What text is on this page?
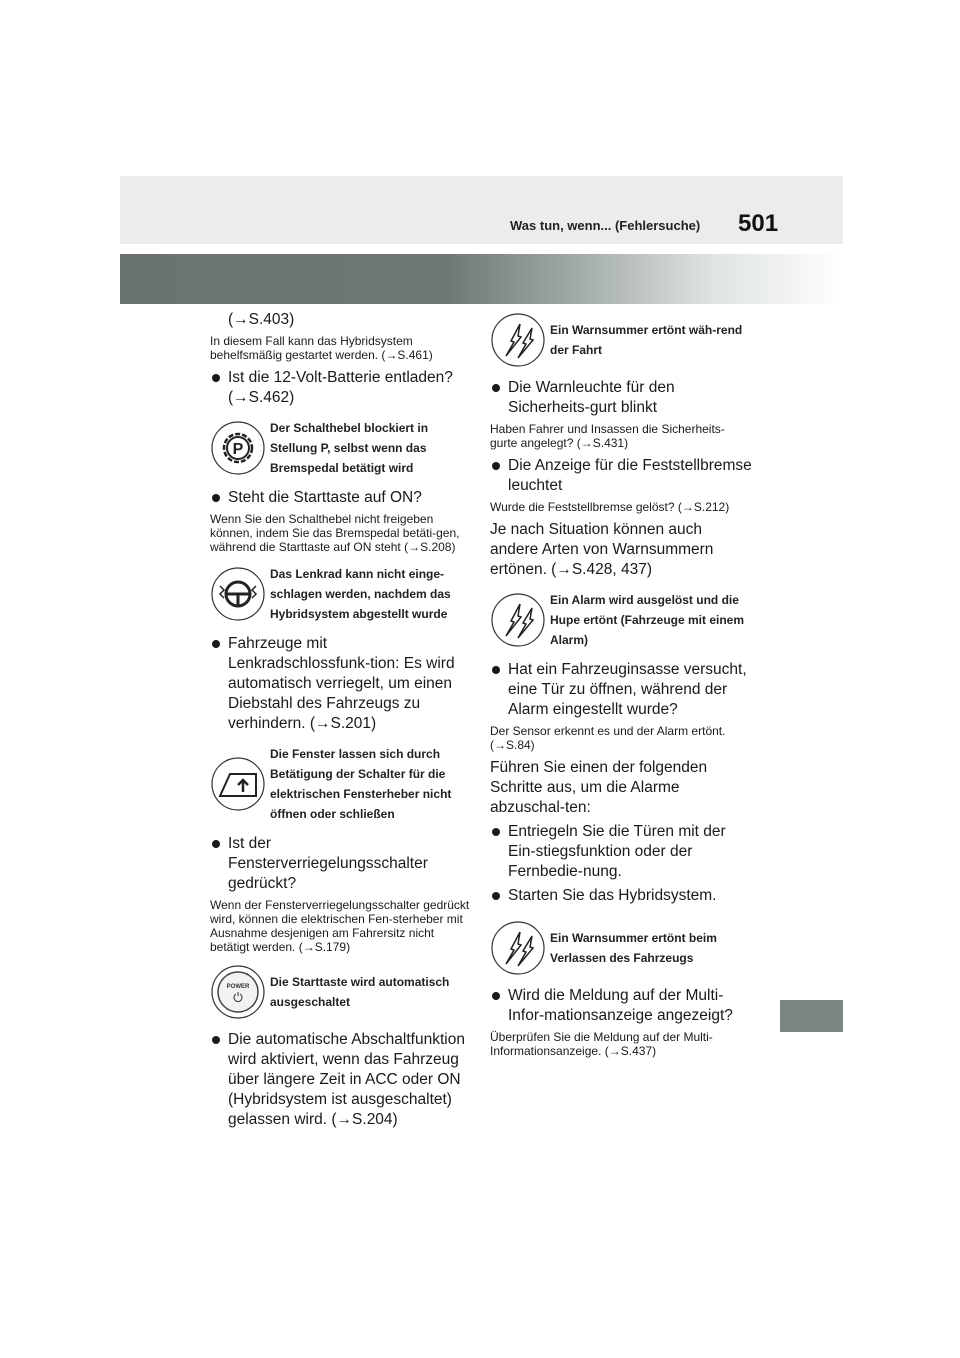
Was tun, wenn... (Fehlersuche) 501

(→S.403)

In diesem Fall kann das Hybridsystem behelfsmäßig gestartet werden. (→S.461)

Ist die 12-Volt-Batterie entladen?
(→S.462)
P
Der Schalthebel blockiert in Stellung P, selbst wenn das Bremspedal betätigt wird
Steht die Starttaste auf ON?

Wenn Sie den Schalthebel nicht freigeben können, indem Sie das Bremspedal betäti-gen, während die Starttaste auf ON steht (→S.208)

Das Lenkrad kann nicht einge-schlagen werden, nachdem das Hybridsystem abgestellt wurde
Fahrzeuge mit Lenkradschlossfunk-tion: Es wird automatisch verriegelt, um einen Diebstahl des Fahrzeugs zu verhindern. (→S.201)
Die Fenster lassen sich durch Betätigung der Schalter für die elektrischen Fensterheber nicht öffnen oder schließen
Ist der Fensterverriegelungsschalter gedrückt?

Wenn der Fensterverriegelungsschalter gedrückt wird, können die elektrischen Fen-sterheber mit Ausnahme desjenigen am Fahrersitz nicht betätigt werden. (→S.179)

POWER Die Starttaste wird automatisch ausgeschaltet
Die automatische Abschaltfunktion wird aktiviert, wenn das Fahrzeug über längere Zeit in ACC oder ON (Hybridsystem ist ausgeschaltet) gelassen wird. (→S.204)
Ein Warnsummer ertönt wäh-rend der Fahrt
Die Warnleuchte für den Sicherheits-gurt blinkt

Haben Fahrer und Insassen die Sicherheits-gurte angelegt? (→S.431)

Die Anzeige für die Feststellbremse leuchtet

Wurde die Feststellbremse gelöst? (→S.212)

Je nach Situation können auch andere Arten von Warnsummern ertönen. (→S.428, 437)

Ein Alarm wird ausgelöst und die Hupe ertönt (Fahrzeuge mit einem Alarm)
Hat ein Fahrzeuginsasse versucht, eine Tür zu öffnen, während der Alarm eingestellt wurde?

Der Sensor erkennt es und der Alarm ertönt. (→S.84)

Führen Sie einen der folgenden Schritte aus, um die Alarme abzuschal-ten:

Entriegeln Sie die Türen mit der Ein-stiegsfunktion oder der Fernbedie-nung.
Starten Sie das Hybridsystem.
Ein Warnsummer ertönt beim Verlassen des Fahrzeugs
Wird die Meldung auf der Multi-Infor-mationsanzeige angezeigt?

Überprüfen Sie die Meldung auf der Multi-Informationsanzeige. (→S.437)
